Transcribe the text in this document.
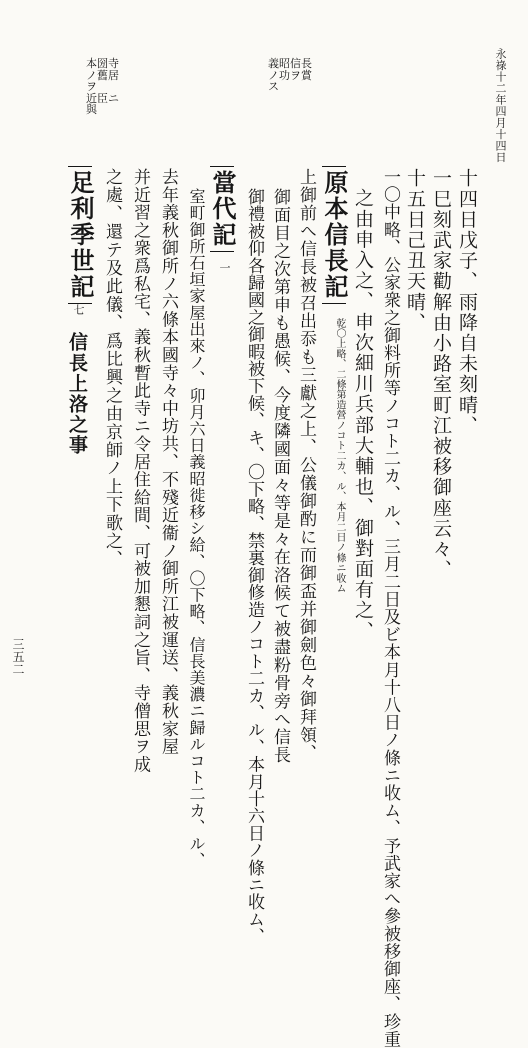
永祿十二年四月十四日
三五二
義昭信長
ノ功ヲ賞
ス
本圀寺
ノ舊居ヲ
近臣ニ與
十四日戊子、雨降自未刻晴、
一巳刻武家勸解由小路室町江被移御座云々、
十五日己丑天晴、
一〇中略、公家衆之御料所等ノコト二カ、ル、三月二日及ビ本月十八日ノ條ニ收ム、予武家へ參被移御座、珍重
之由申入之、申次細川兵部大輔也、御對面有之、
原本信長記
乾〇上略、二條第造營ノコト二カ、ル、本月二日ノ條ニ收ム
上御前へ信長被召出忝も三獻之上、公儀御酌に而御盃并御劍色々御拜領、
御面目之次第申も愚候、今度隣國面々等是々在洛候て被盡粉骨旁へ信長
御禮被仰各歸國之御暇被下候、キ、〇下略、禁裏御修造ノコト二カ、ル、本月十六日ノ條ニ收ム、
當代記
一
室町御所石垣家屋出來ノ、卯月六日義昭徙移シ給、〇下略、信長美濃ニ歸ルコト二カ、ル、
去年義秋御所ノ六條本國寺々中坊共、不殘近衞ノ御所江被運送、義秋家屋
并近習之衆爲私宅、義秋暫此寺ニ令居住給間、可被加懇詞之旨、寺僧思ヲ成
之處、還テ及此儀、爲比興之由京師ノ上下歌之、
足利季世記
七
信長上洛之事
